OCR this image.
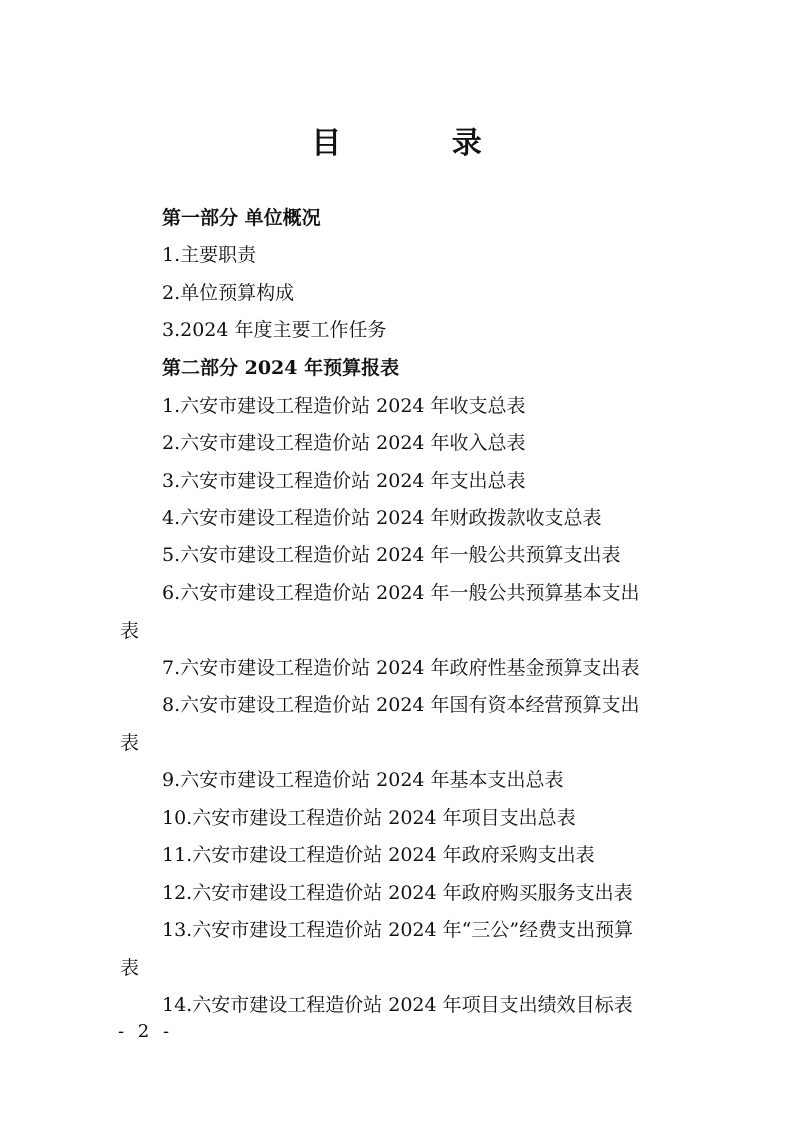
目 录
第一部分 单位概况
1.主要职责
2.单位预算构成
3.2024 年度主要工作任务
第二部分 2024 年预算报表
1.六安市建设工程造价站 2024 年收支总表
2.六安市建设工程造价站 2024 年收入总表
3.六安市建设工程造价站 2024 年支出总表
4.六安市建设工程造价站 2024 年财政拨款收支总表
5.六安市建设工程造价站 2024 年一般公共预算支出表
6.六安市建设工程造价站 2024 年一般公共预算基本支出
表
7.六安市建设工程造价站 2024 年政府性基金预算支出表
8.六安市建设工程造价站 2024 年国有资本经营预算支出
表
9.六安市建设工程造价站 2024 年基本支出总表
10.六安市建设工程造价站 2024 年项目支出总表
11.六安市建设工程造价站 2024 年政府采购支出表
12.六安市建设工程造价站 2024 年政府购买服务支出表
13.六安市建设工程造价站 2024 年“三公”经费支出预算
表
14.六安市建设工程造价站 2024 年项目支出绩效目标表
- 2 -
